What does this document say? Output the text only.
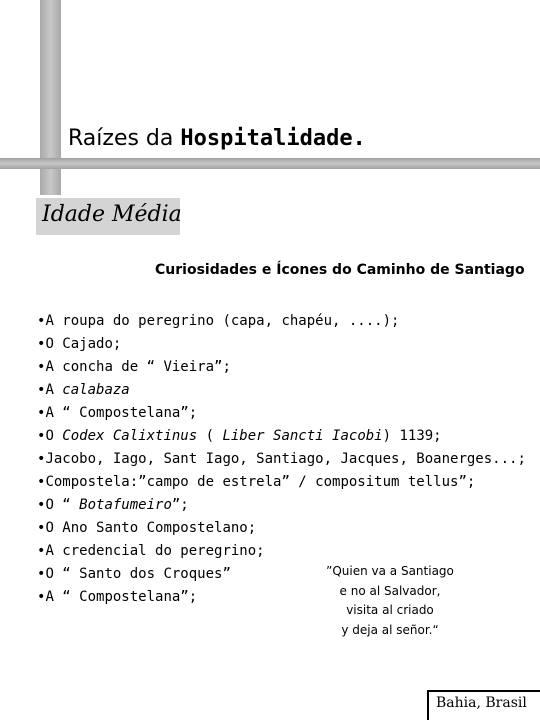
Raízes da Hospitalidade.
Idade Média
Curiosidades e Ícones do Caminho de Santiago
• A roupa do peregrino (capa, chapéu, ....);
• O Cajado;
• A concha de “ Vieira”;
• A calabaza
• A “ Compostelana”;
• O Codex Calixtinus ( Liber Sancti Iacobi) 1139;
• Jacobo, Iago, Sant Iago, Santiago, Jacques, Boanerges...;
• Compostela:”campo de estrela” / compositum tellus”;
• O “ Botafumeiro”;
• O Ano Santo Compostelano;
• A credencial do peregrino;
• O “ Santo dos Croques”
• A “ Compostelana”;
”Quien va a Santiago
e no al Salvador,
visita al criado
y deja al señor.“
Bahia, Brasil
